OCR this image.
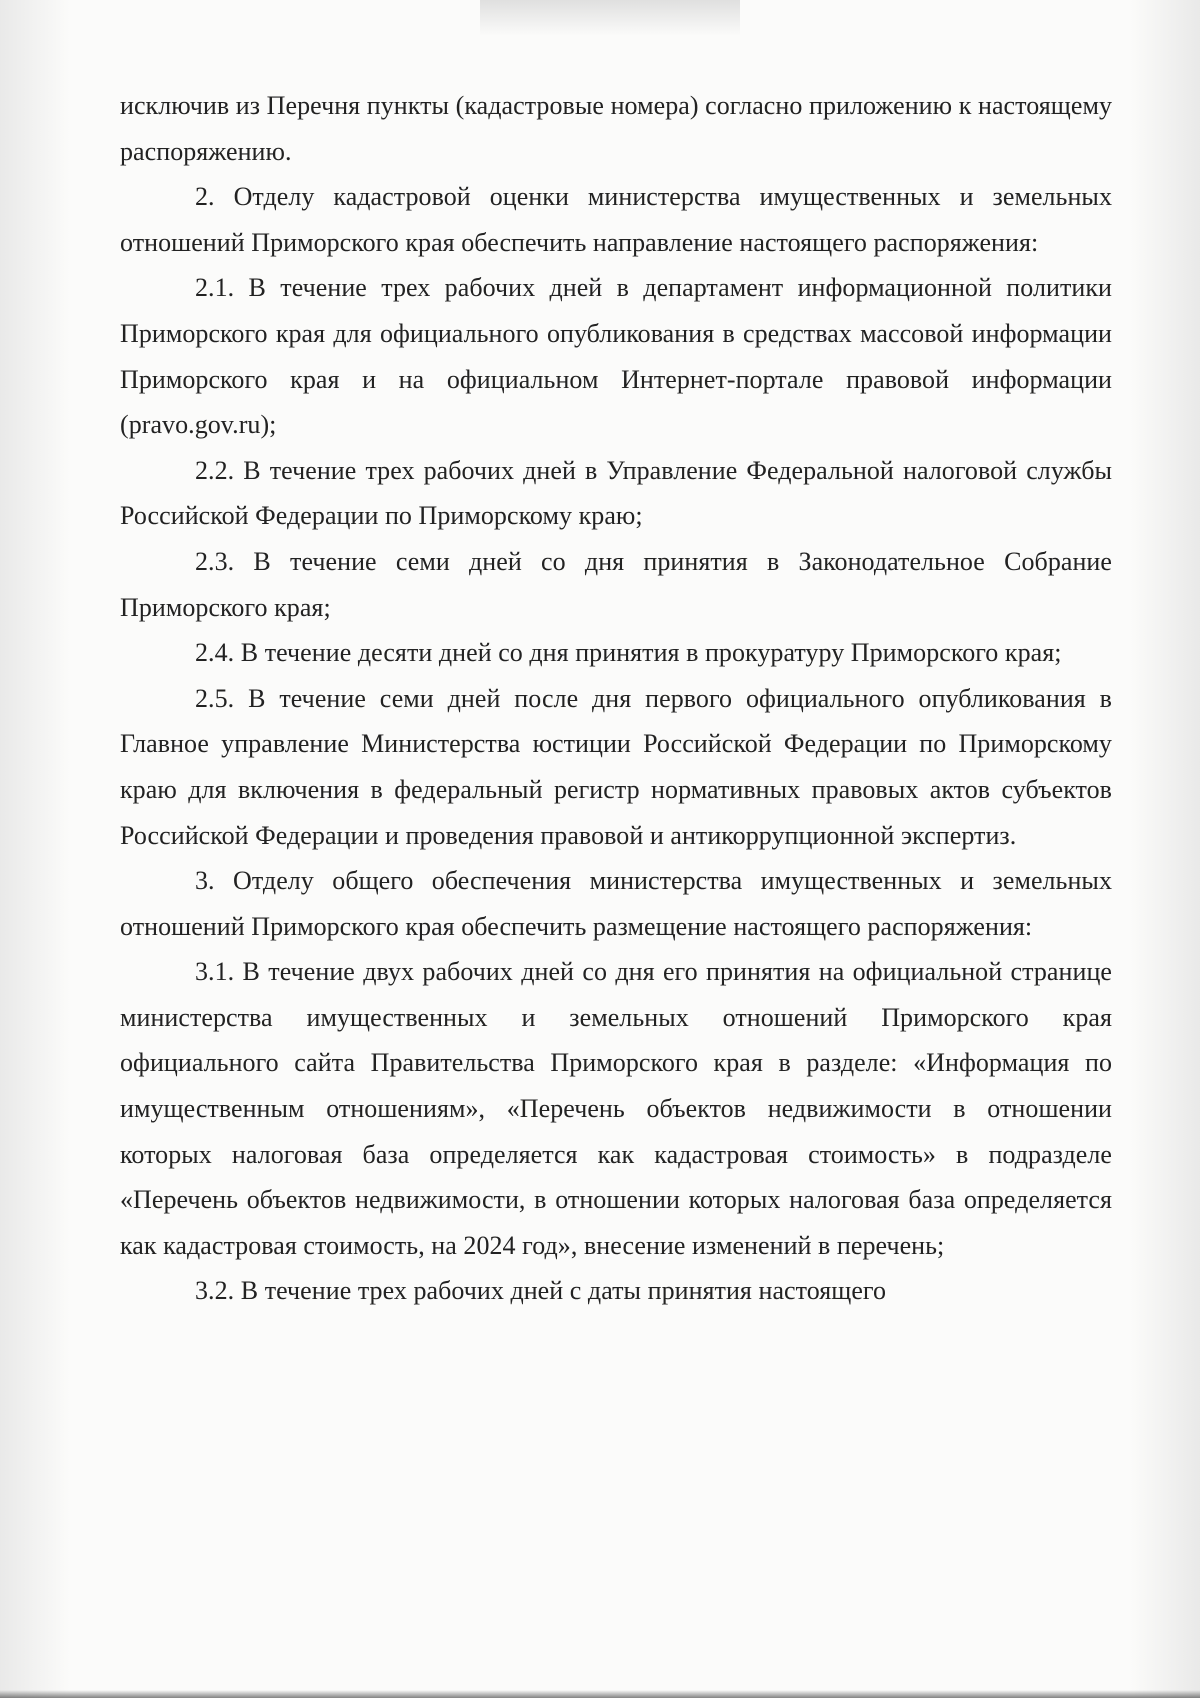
исключив из Перечня пункты (кадастровые номера) согласно приложению к настоящему распоряжению.

2. Отделу кадастровой оценки министерства имущественных и земельных отношений Приморского края обеспечить направление настоящего распоряжения:

2.1. В течение трех рабочих дней в департамент информационной политики Приморского края для официального опубликования в средствах массовой информации Приморского края и на официальном Интернет-портале правовой информации (pravo.gov.ru);

2.2. В течение трех рабочих дней в Управление Федеральной налоговой службы Российской Федерации по Приморскому краю;

2.3. В течение семи дней со дня принятия в Законодательное Собрание Приморского края;

2.4. В течение десяти дней со дня принятия в прокуратуру Приморского края;

2.5. В течение семи дней после дня первого официального опубликования в Главное управление Министерства юстиции Российской Федерации по Приморскому краю для включения в федеральный регистр нормативных правовых актов субъектов Российской Федерации и проведения правовой и антикоррупционной экспертиз.

3. Отделу общего обеспечения министерства имущественных и земельных отношений Приморского края обеспечить размещение настоящего распоряжения:

3.1. В течение двух рабочих дней со дня его принятия на официальной странице министерства имущественных и земельных отношений Приморского края официального сайта Правительства Приморского края в разделе: «Информация по имущественным отношениям», «Перечень объектов недвижимости в отношении которых налоговая база определяется как кадастровая стоимость» в подразделе «Перечень объектов недвижимости, в отношении которых налоговая база определяется как кадастровая стоимость, на 2024 год», внесение изменений в перечень;

3.2. В течение трех рабочих дней с даты принятия настоящего
